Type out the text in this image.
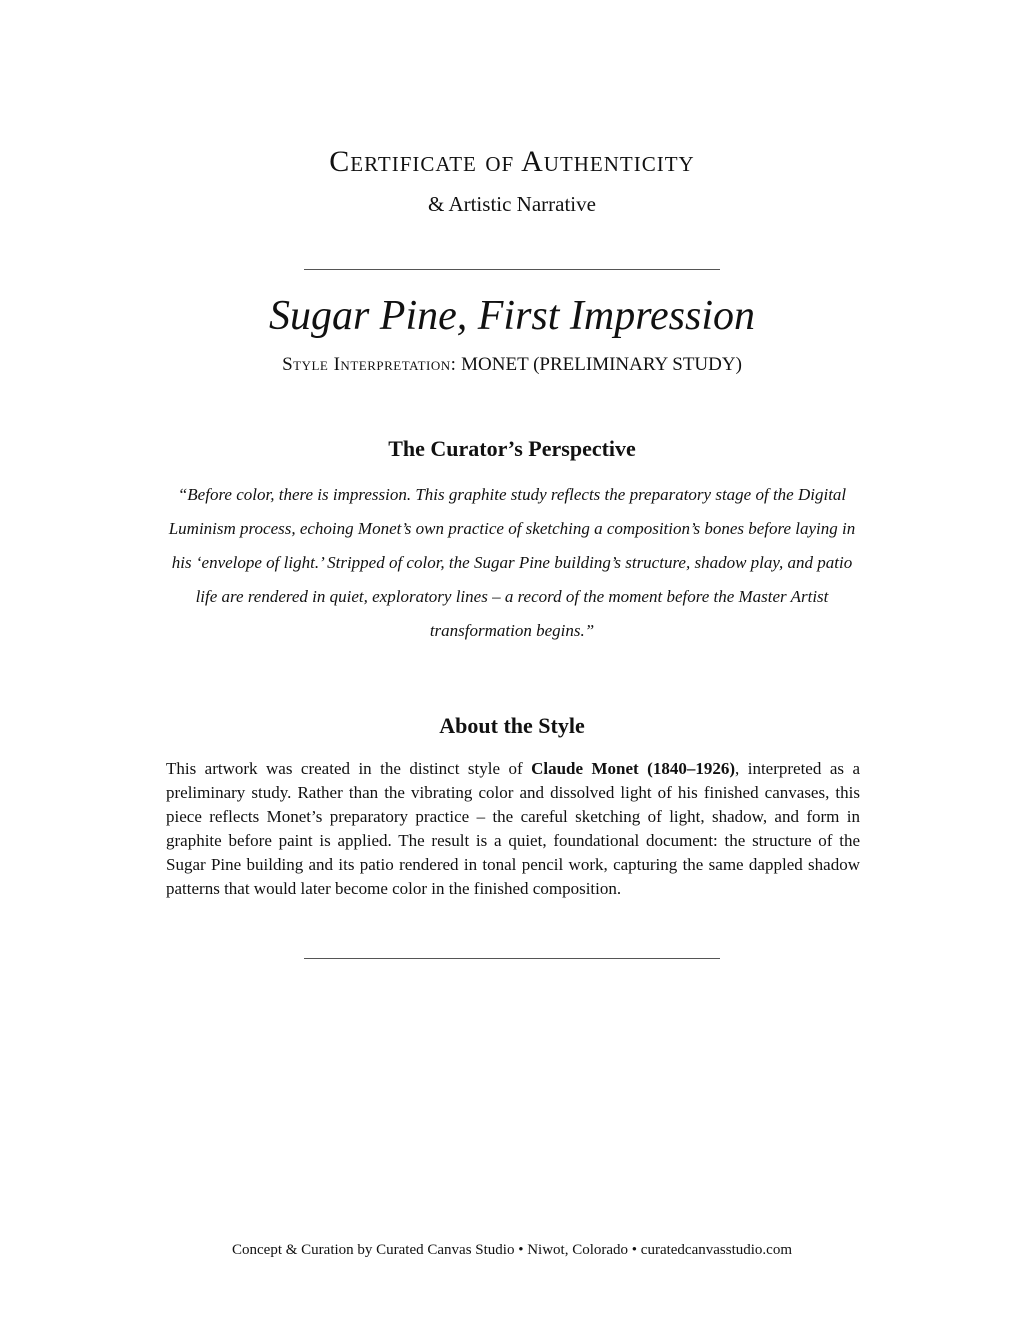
Certificate of Authenticity
& Artistic Narrative
Sugar Pine, First Impression
Style Interpretation: MONET (PRELIMINARY STUDY)
The Curator’s Perspective

“Before color, there is impression. This graphite study reflects the preparatory stage of the Digital Luminism process, echoing Monet’s own practice of sketching a composition’s bones before laying in his ‘envelope of light.’ Stripped of color, the Sugar Pine building’s structure, shadow play, and patio life are rendered in quiet, exploratory lines – a record of the moment before the Master Artist transformation begins.”

About the Style

This artwork was created in the distinct style of Claude Monet (1840–1926), interpreted as a preliminary study. Rather than the vibrating color and dissolved light of his finished canvases, this piece reflects Monet’s preparatory practice – the careful sketching of light, shadow, and form in graphite before paint is applied. The result is a quiet, foundational document: the structure of the Sugar Pine building and its patio rendered in tonal pencil work, capturing the same dappled shadow patterns that would later become color in the finished composition.

Concept & Curation by Curated Canvas Studio • Niwot, Colorado • curatedcanvasstudio.com
